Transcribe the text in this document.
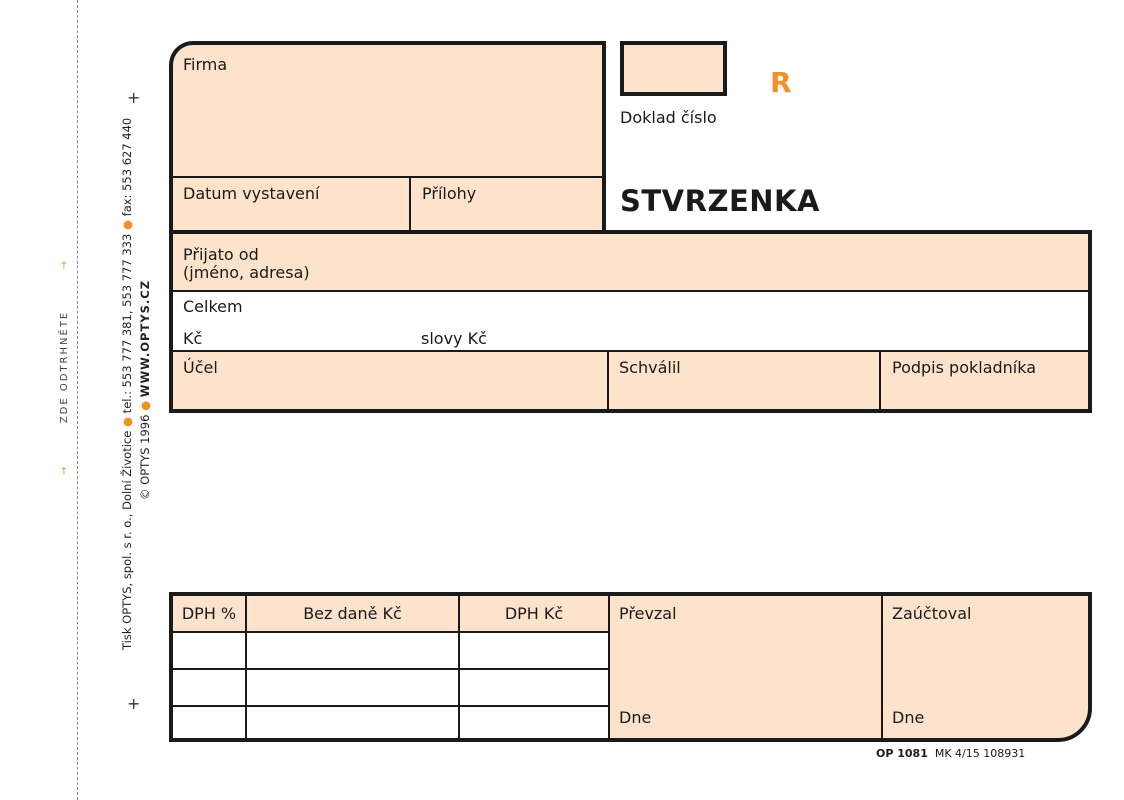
+
+
→        ZDE ODTRHNĚTE        →
Tisk OPTYS, spol. s r. o., Dolní Životice ● tel.: 553 777 381, 553 777 333 ● fax: 553 627 440
© OPTYS 1996 ● WWW.OPTYS.CZ
Firma
Datum vystavení	Přílohy
R
Doklad číslo
STVRZENKA
Přijato od
(jméno, adresa)
Celkem
Kč	slovy Kč
Účel	Schválil	Podpis pokladníka
DPH %	Bez daně Kč	DPH Kč	Převzal	Zaúčtoval
Dne	Dne
OP 1081 MK 4/15 108931
